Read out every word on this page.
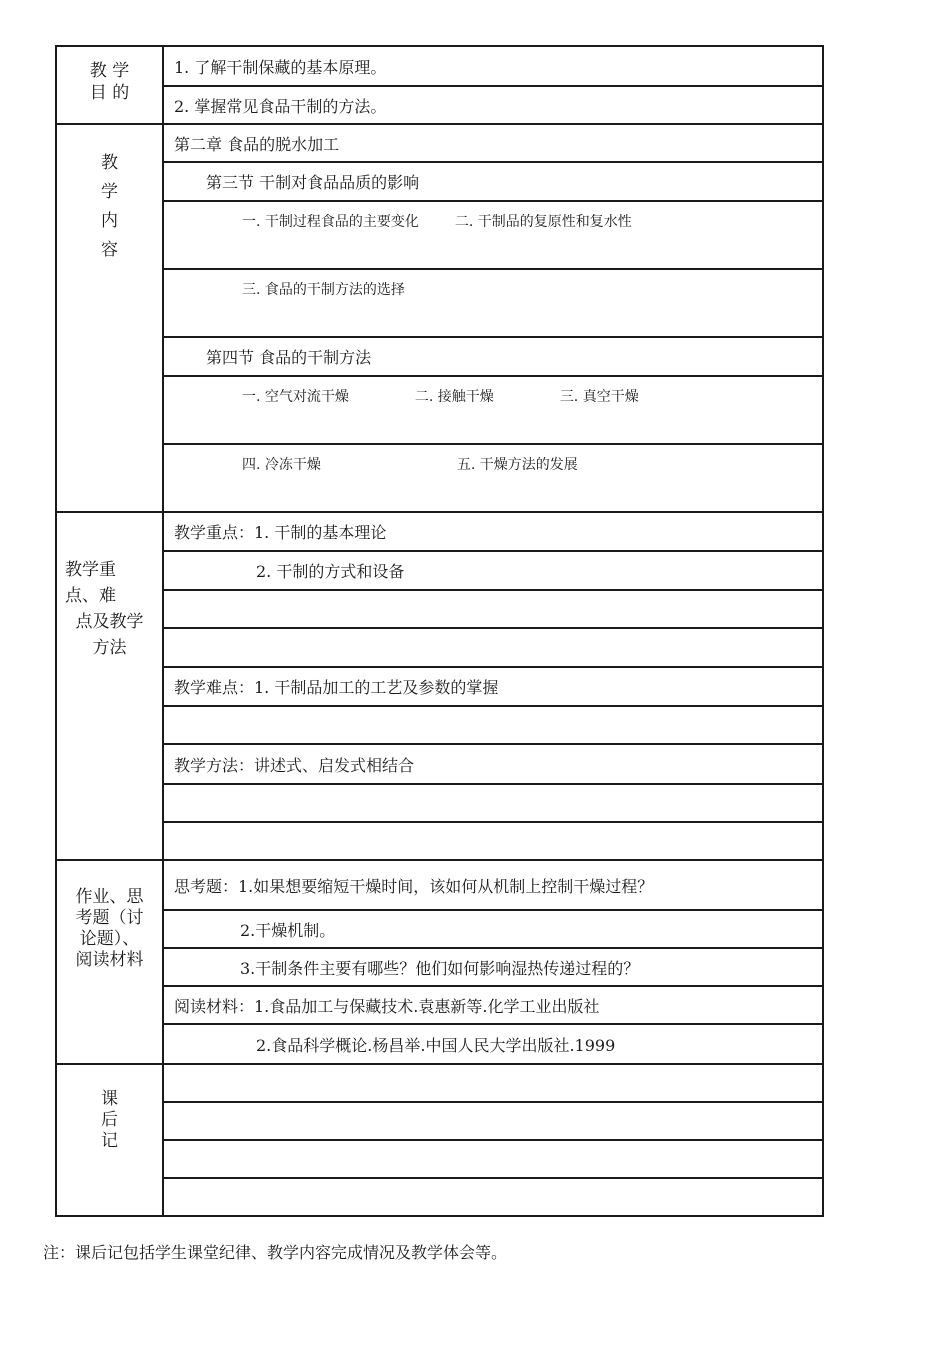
教 学
目 的	1. 了解干制保藏的基本原理。
	2. 掌握常见食品干制的方法。

教
学
内
容	第二章 食品的脱水加工
	第三节 干制对食品品质的影响
	一. 干制过程食品的主要变化 二. 干制品的复原性和复水性
	三. 食品的干制方法的选择
	第四节 食品的干制方法
	一. 空气对流干燥 二. 接触干燥 三. 真空干燥
	四. 冷冻干燥 五. 干燥方法的发展

教学重
点、难
点及教学
方法	教学重点：1. 干制的基本理论
	2. 干制的方式和设备

	教学难点：1. 干制品加工的工艺及参数的掌握

	教学方法：讲述式、启发式相结合

作业、思
考题（讨
论题）、
阅读材料	思考题：1.如果想要缩短干燥时间，该如何从机制上控制干燥过程？
	2.干燥机制。
	3.干制条件主要有哪些？他们如何影响湿热传递过程的？
	阅读材料：1.食品加工与保藏技术.袁惠新等.化学工业出版社
	2.食品科学概论.杨昌举.中国人民大学出版社.1999

课
后
记	

注：课后记包括学生课堂纪律、教学内容完成情况及教学体会等。
